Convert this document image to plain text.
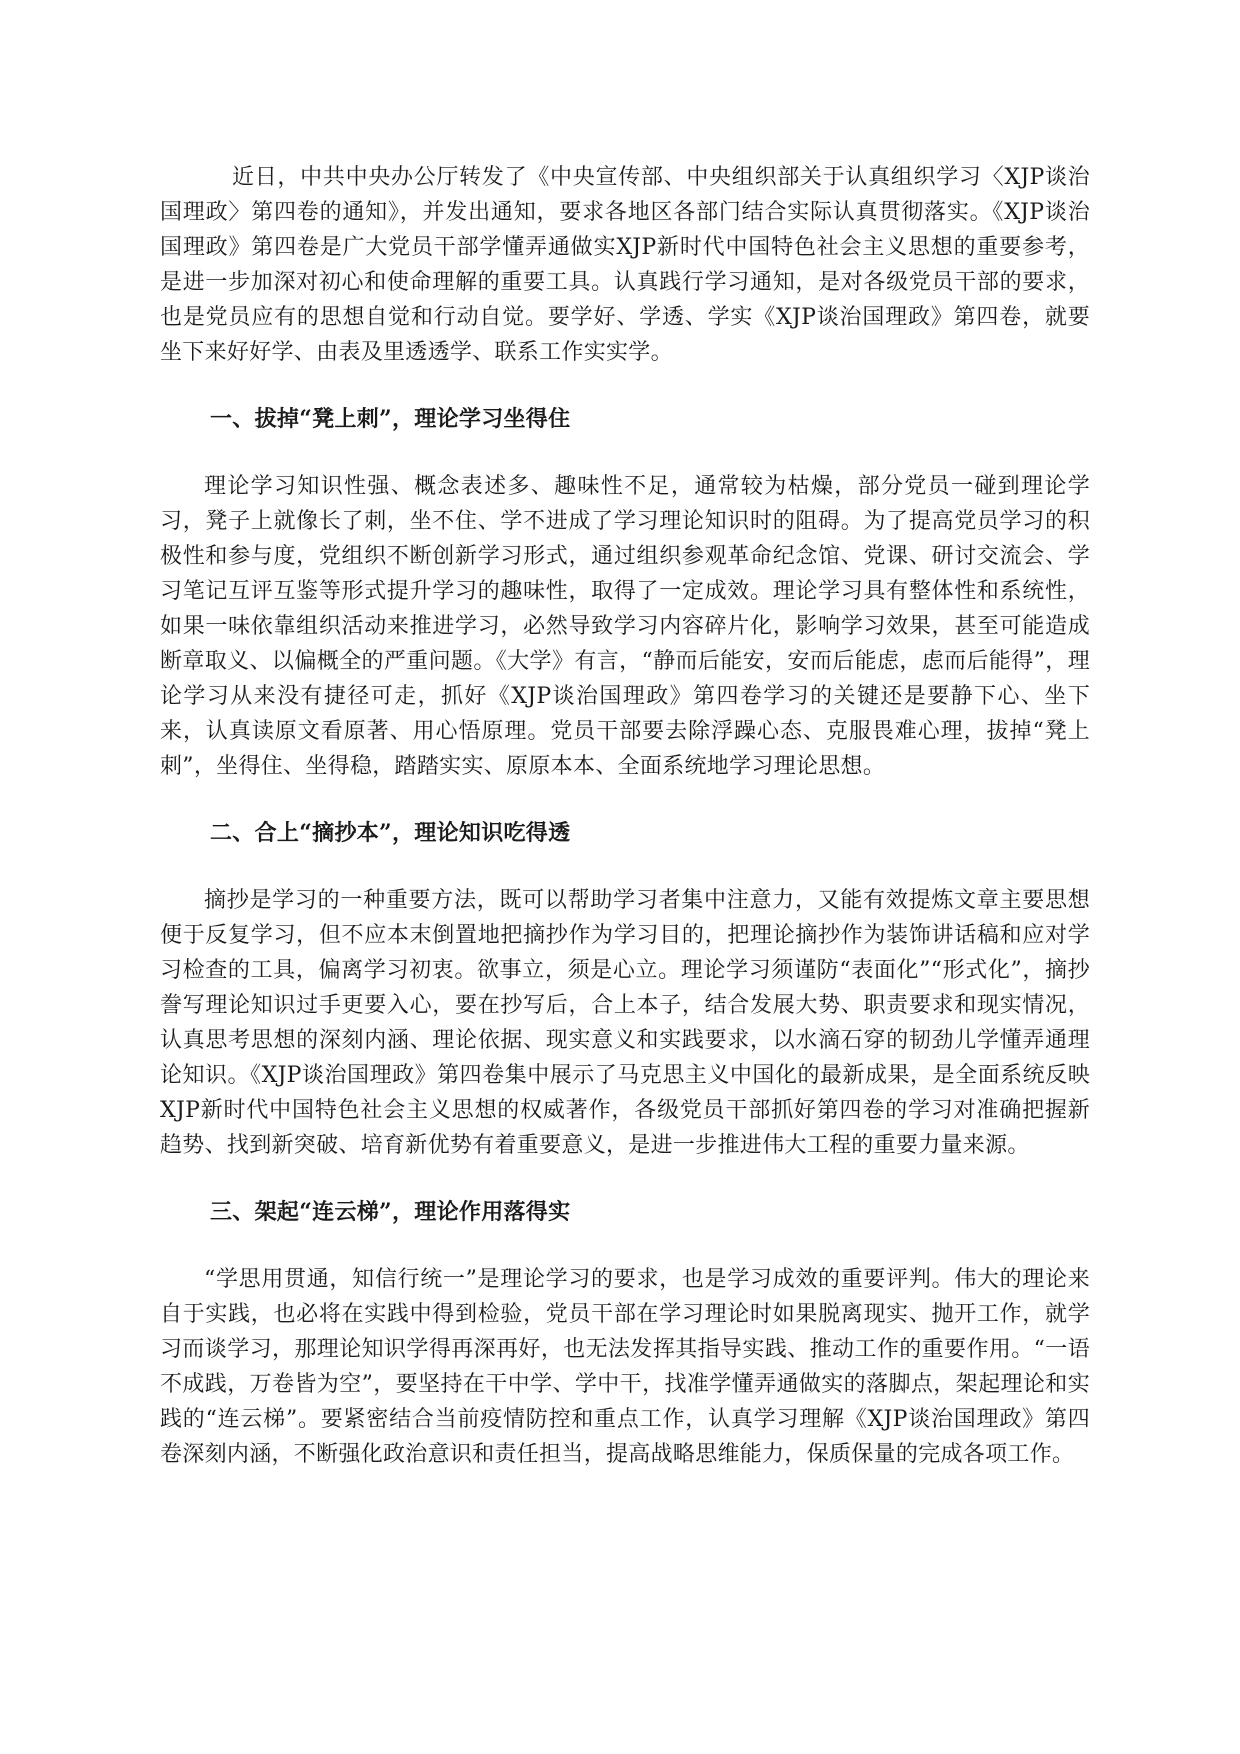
近日，中共中央办公厅转发了《中央宣传部、中央组织部关于认真组织学习〈XJP谈治国理政〉第四卷的通知》，并发出通知，要求各地区各部门结合实际认真贯彻落实。《XJP谈治国理政》第四卷是广大党员干部学懂弄通做实XJP新时代中国特色社会主义思想的重要参考，是进一步加深对初心和使命理解的重要工具。认真践行学习通知，是对各级党员干部的要求，也是党员应有的思想自觉和行动自觉。要学好、学透、学实《XJP谈治国理政》第四卷，就要坐下来好好学、由表及里透透学、联系工作实实学。

一、拔掉“凳上刺”，理论学习坐得住

理论学习知识性强、概念表述多、趣味性不足，通常较为枯燥，部分党员一碰到理论学习，凳子上就像长了刺，坐不住、学不进成了学习理论知识时的阻碍。为了提高党员学习的积极性和参与度，党组织不断创新学习形式，通过组织参观革命纪念馆、党课、研讨交流会、学习笔记互评互鉴等形式提升学习的趣味性，取得了一定成效。理论学习具有整体性和系统性，如果一味依靠组织活动来推进学习，必然导致学习内容碎片化，影响学习效果，甚至可能造成断章取义、以偏概全的严重问题。《大学》有言，“静而后能安，安而后能虑，虑而后能得”，理论学习从来没有捷径可走，抓好《XJP谈治国理政》第四卷学习的关键还是要静下心、坐下来，认真读原文看原著、用心悟原理。党员干部要去除浮躁心态、克服畏难心理，拔掉“凳上刺”，坐得住、坐得稳，踏踏实实、原原本本、全面系统地学习理论思想。

二、合上“摘抄本”，理论知识吃得透

摘抄是学习的一种重要方法，既可以帮助学习者集中注意力，又能有效提炼文章主要思想便于反复学习，但不应本末倒置地把摘抄作为学习目的，把理论摘抄作为装饰讲话稿和应对学习检查的工具，偏离学习初衷。欲事立，须是心立。理论学习须谨防“表面化”“形式化”，摘抄誊写理论知识过手更要入心，要在抄写后，合上本子，结合发展大势、职责要求和现实情况，认真思考思想的深刻内涵、理论依据、现实意义和实践要求，以水滴石穿的韧劲儿学懂弄通理论知识。《XJP谈治国理政》第四卷集中展示了马克思主义中国化的最新成果，是全面系统反映XJP新时代中国特色社会主义思想的权威著作，各级党员干部抓好第四卷的学习对准确把握新趋势、找到新突破、培育新优势有着重要意义，是进一步推进伟大工程的重要力量来源。

三、架起“连云梯”，理论作用落得实

“学思用贯通，知信行统一”是理论学习的要求，也是学习成效的重要评判。伟大的理论来自于实践，也必将在实践中得到检验，党员干部在学习理论时如果脱离现实、抛开工作，就学习而谈学习，那理论知识学得再深再好，也无法发挥其指导实践、推动工作的重要作用。“一语不成践，万卷皆为空”，要坚持在干中学、学中干，找准学懂弄通做实的落脚点，架起理论和实践的“连云梯”。要紧密结合当前疫情防控和重点工作，认真学习理解《XJP谈治国理政》第四卷深刻内涵，不断强化政治意识和责任担当，提高战略思维能力，保质保量的完成各项工作。
